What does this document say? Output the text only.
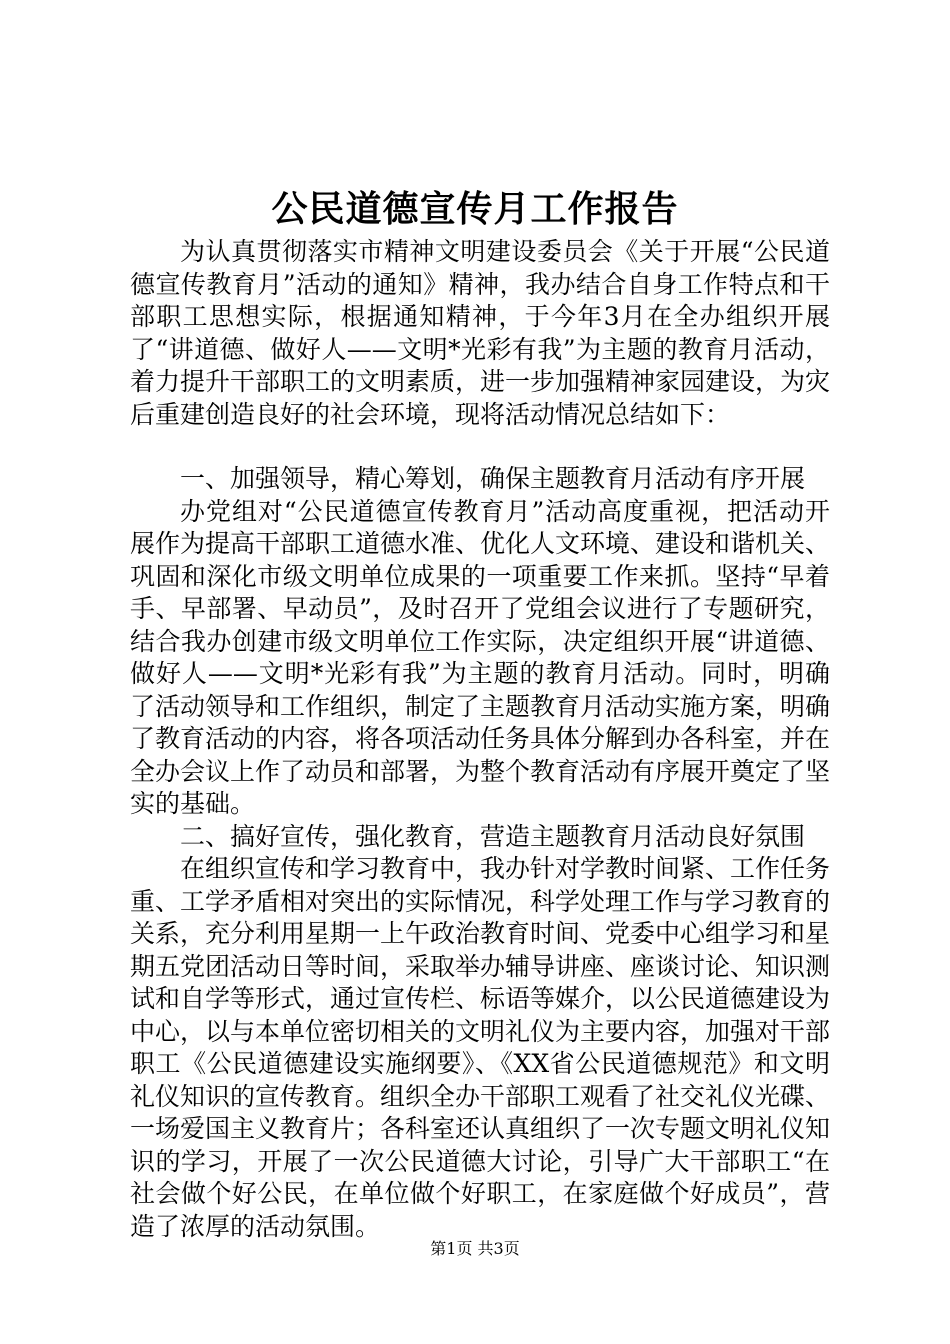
公民道德宣传月工作报告

为认真贯彻落实市精神文明建设委员会《关于开展“公民道德宣传教育月”活动的通知》精神，我办结合自身工作特点和干部职工思想实际，根据通知精神，于今年3月在全办组织开展了“讲道德、做好人——文明*光彩有我”为主题的教育月活动，着力提升干部职工的文明素质，进一步加强精神家园建设，为灾后重建创造良好的社会环境，现将活动情况总结如下：

一、加强领导，精心筹划，确保主题教育月活动有序开展

办党组对“公民道德宣传教育月”活动高度重视，把活动开展作为提高干部职工道德水准、优化人文环境、建设和谐机关、巩固和深化市级文明单位成果的一项重要工作来抓。坚持“早着手、早部署、早动员”，及时召开了党组会议进行了专题研究，结合我办创建市级文明单位工作实际，决定组织开展“讲道德、做好人——文明*光彩有我”为主题的教育月活动。同时，明确了活动领导和工作组织，制定了主题教育月活动实施方案，明确了教育活动的内容，将各项活动任务具体分解到办各科室，并在全办会议上作了动员和部署，为整个教育活动有序展开奠定了坚实的基础。

二、搞好宣传，强化教育，营造主题教育月活动良好氛围

在组织宣传和学习教育中，我办针对学教时间紧、工作任务重、工学矛盾相对突出的实际情况，科学处理工作与学习教育的关系，充分利用星期一上午政治教育时间、党委中心组学习和星期五党团活动日等时间，采取举办辅导讲座、座谈讨论、知识测试和自学等形式，通过宣传栏、标语等媒介，以公民道德建设为中心，以与本单位密切相关的文明礼仪为主要内容，加强对干部职工《公民道德建设实施纲要》、《XX省公民道德规范》和文明礼仪知识的宣传教育。组织全办干部职工观看了社交礼仪光碟、一场爱国主义教育片；各科室还认真组织了一次专题文明礼仪知识的学习，开展了一次公民道德大讨论，引导广大干部职工“在社会做个好公民，在单位做个好职工，在家庭做个好成员”，营造了浓厚的活动氛围。

第1页 共3页
